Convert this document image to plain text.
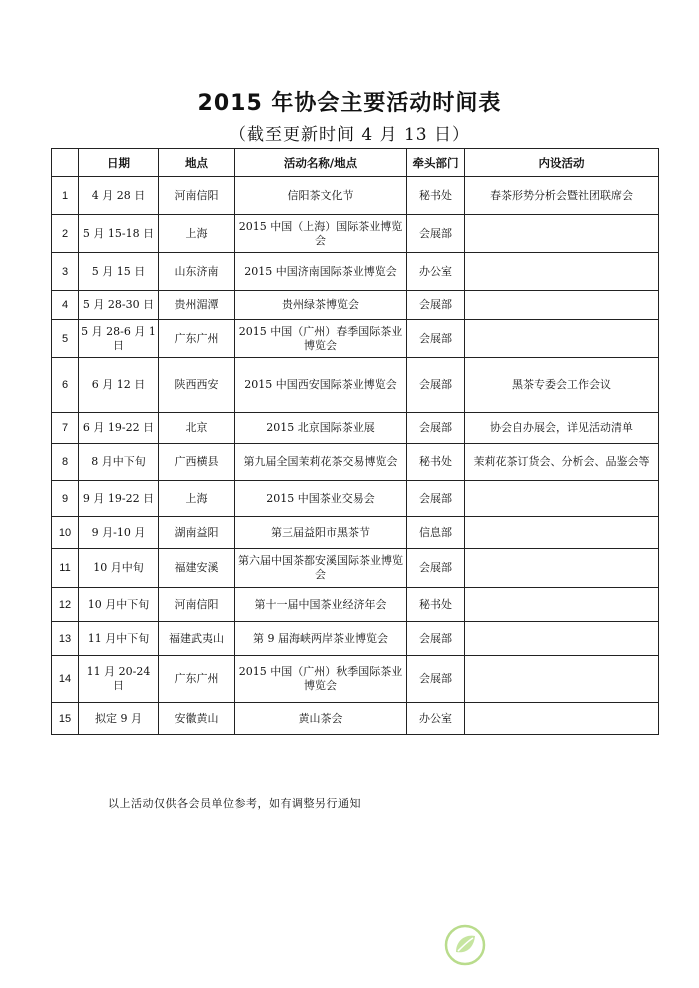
2015 年协会主要活动时间表
（截至更新时间 4 月 13 日）
	日期	地点	活动名称/地点	牵头部门	内设活动
1	4 月 28 日	河南信阳	信阳茶文化节	秘书处	春茶形势分析会暨社团联席会
2	5 月 15-18 日	上海	2015 中国（上海）国际茶业博览会	会展部	
3	5 月 15 日	山东济南	2015 中国济南国际茶业博览会	办公室	
4	5 月 28-30 日	贵州湄潭	贵州绿茶博览会	会展部	
5	5 月 28-6 月 1 日	广东广州	2015 中国（广州）春季国际茶业博览会	会展部	
6	6 月 12 日	陕西西安	2015 中国西安国际茶业博览会	会展部	黑茶专委会工作会议
7	6 月 19-22 日	北京	2015 北京国际茶业展	会展部	协会自办展会，详见活动清单
8	8 月中下旬	广西横县	第九届全国茉莉花茶交易博览会	秘书处	茉莉花茶订货会、分析会、品鉴会等
9	9 月 19-22 日	上海	2015 中国茶业交易会	会展部	
10	9 月-10 月	湖南益阳	第三届益阳市黑茶节	信息部	
11	10 月中旬	福建安溪	第六届中国茶都安溪国际茶业博览会	会展部	
12	10 月中下旬	河南信阳	第十一届中国茶业经济年会	秘书处	
13	11 月中下旬	福建武夷山	第 9 届海峡两岸茶业博览会	会展部	
14	11 月 20-24 日	广东广州	2015 中国（广州）秋季国际茶业博览会	会展部	
15	拟定 9 月	安徽黄山	黄山茶会	办公室	
以上活动仅供各会员单位参考，如有调整另行通知
